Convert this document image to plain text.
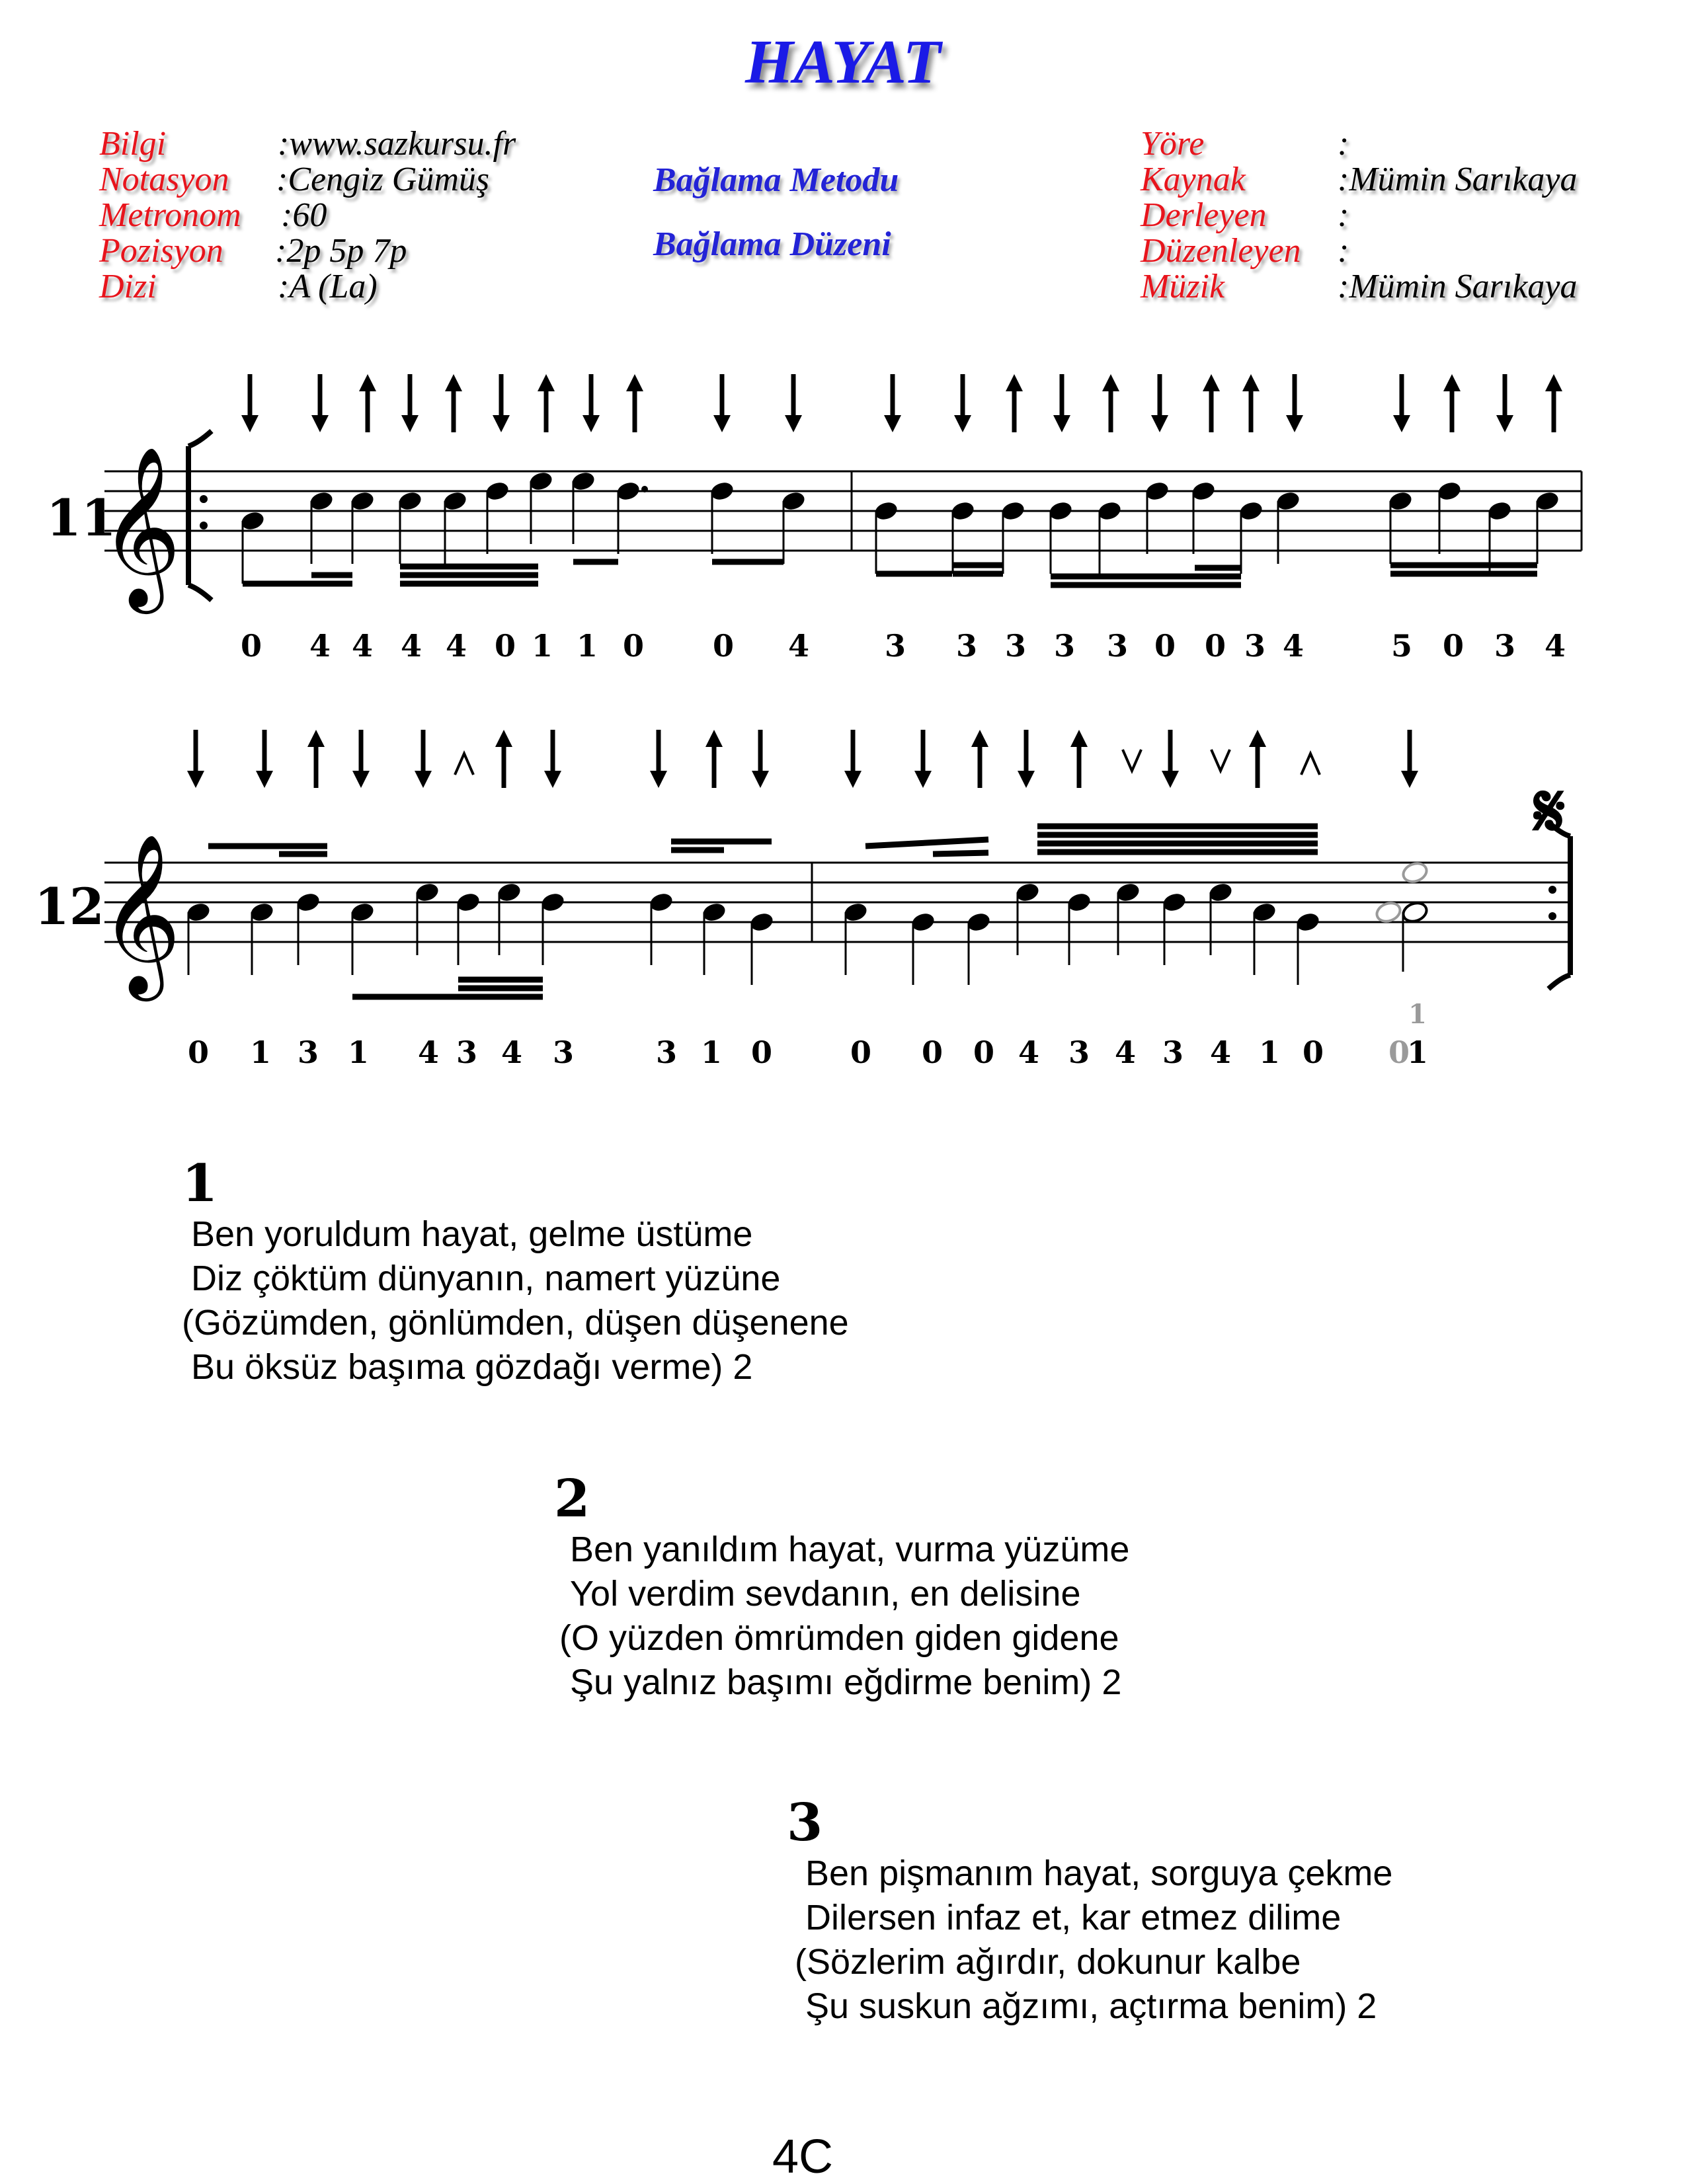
HAYAT
Bilgi	:www.sazkursu.fr
Notasyon :Cengiz Gümüş
Metronom :60
Pozisyon :2p 5p 7p
Dizi	:A (La)
Bağlama Metodu
Bağlama Düzeni
Yöre	:
Kaynak	:Mümin Sarıkaya
Derleyen :
Düzenleyen :
Müzik	:Mümin Sarıkaya
11
𝄞
12
𝄞
𝄋
0 4 4 4 4 0 1 1 0 0 4 3 3 3 3 3 0 0 3 4	5 0 3 4
0 1 3 1 4 3 4 3	3 1 0	0 0 0 4 3 4 3 4 1 0 0
1
1
1
Ben yoruldum hayat, gelme üstüme
Diz çöktüm dünyanın, namert yüzüne
(Gözümden, gönlümden, düşen düşenene
Bu öksüz başıma gözdağı verme) 2
2
Ben yanıldım hayat, vurma yüzüme
Yol verdim sevdanın, en delisine
(O yüzden ömrümden giden gidene
Şu yalnız başımı eğdirme benim) 2
3
Ben pişmanım hayat, sorguya çekme
Dilersen infaz et, kar etmez dilime
(Sözlerim ağırdır, dokunur kalbe
Şu suskun ağzımı, açtırma benim) 2
4C
